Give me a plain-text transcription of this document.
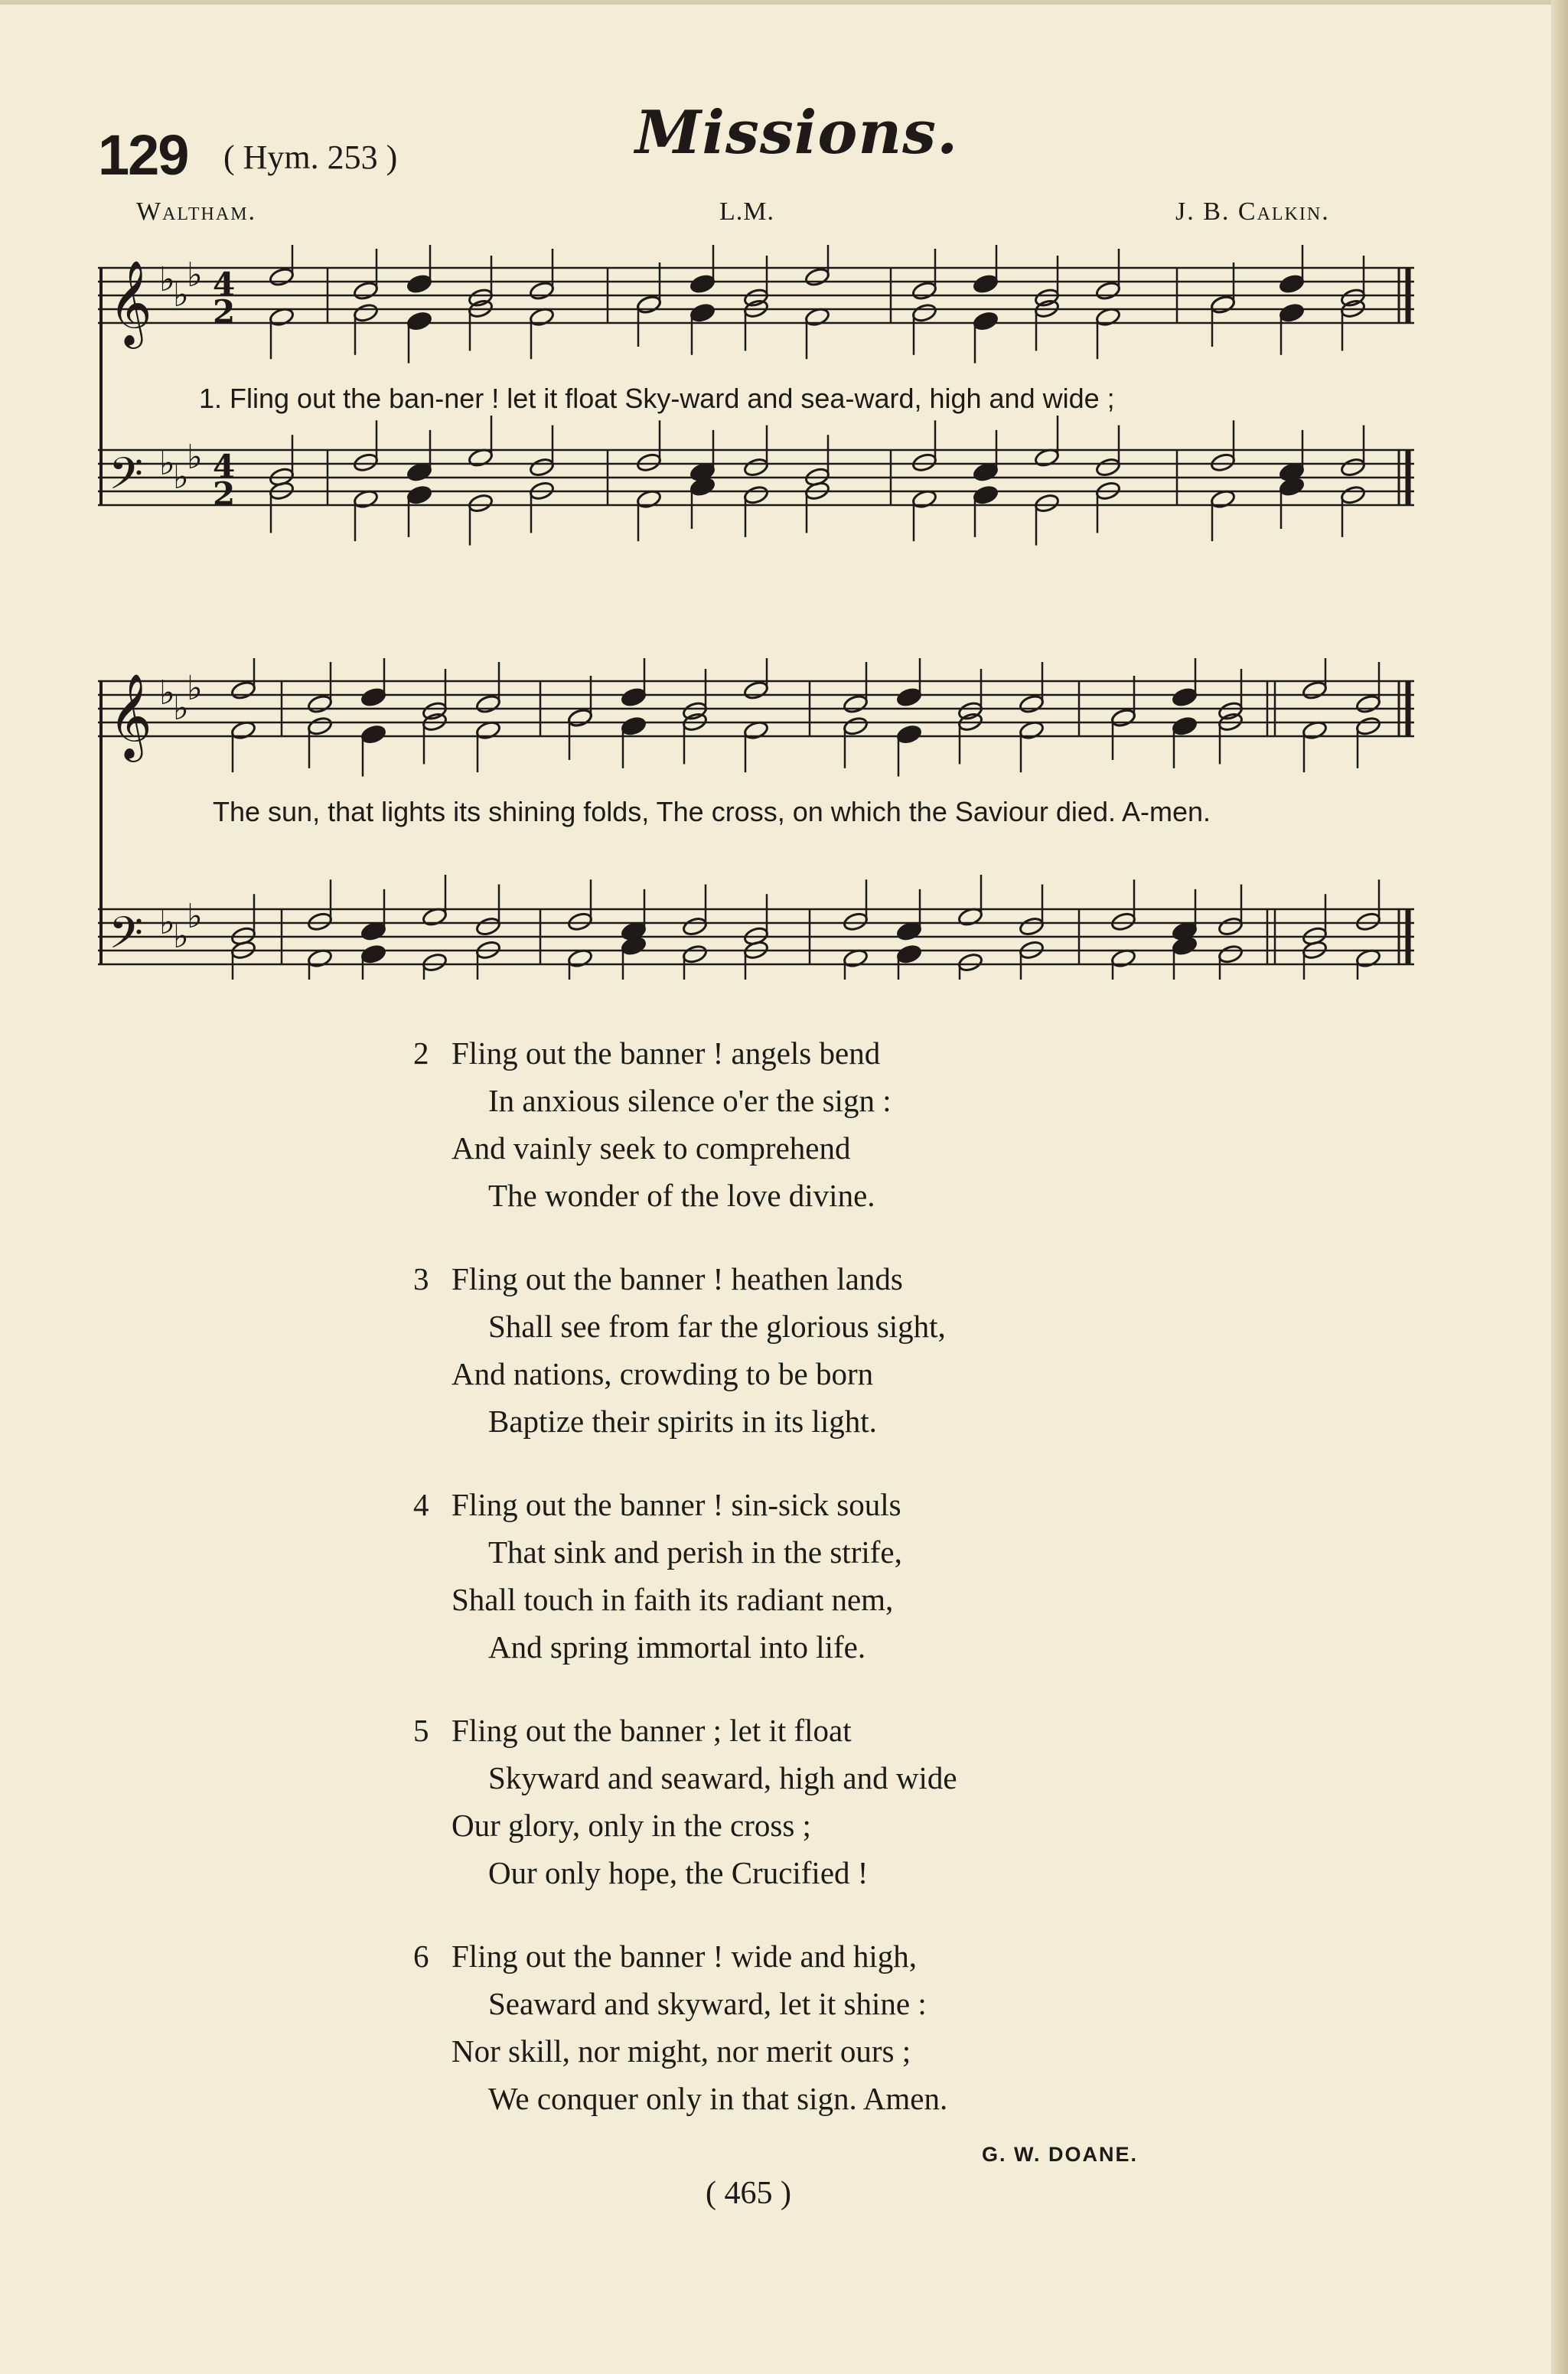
129 ( Hym. 253 )	Missions.
Waltham.	L.M.	J. B. Calkin.
𝄞
𝄢
♭
♭
♭
♭
♭
♭
4
2
4
2
1. Fling out the ban-ner ! let it float Sky-ward and sea-ward, high and wide ;
𝄞
𝄢
♭
♭
♭
♭
♭
♭
The sun, that lights its shining folds, The cross, on which the Saviour died. A-men.
2 Fling out the banner ! angels bend
In anxious silence o'er the sign :
And vainly seek to comprehend
The wonder of the love divine.
3 Fling out the banner ! heathen lands
Shall see from far the glorious sight,
And nations, crowding to be born
Baptize their spirits in its light.
4 Fling out the banner ! sin-sick souls
That sink and perish in the strife,
Shall touch in faith its radiant nem,
And spring immortal into life.
5 Fling out the banner ; let it float
Skyward and seaward, high and wide
Our glory, only in the cross ;
Our only hope, the Crucified !
6 Fling out the banner ! wide and high,
Seaward and skyward, let it shine :
Nor skill, nor might, nor merit ours ;
We conquer only in that sign. Amen.
G. W. DOANE.
( 465 )
